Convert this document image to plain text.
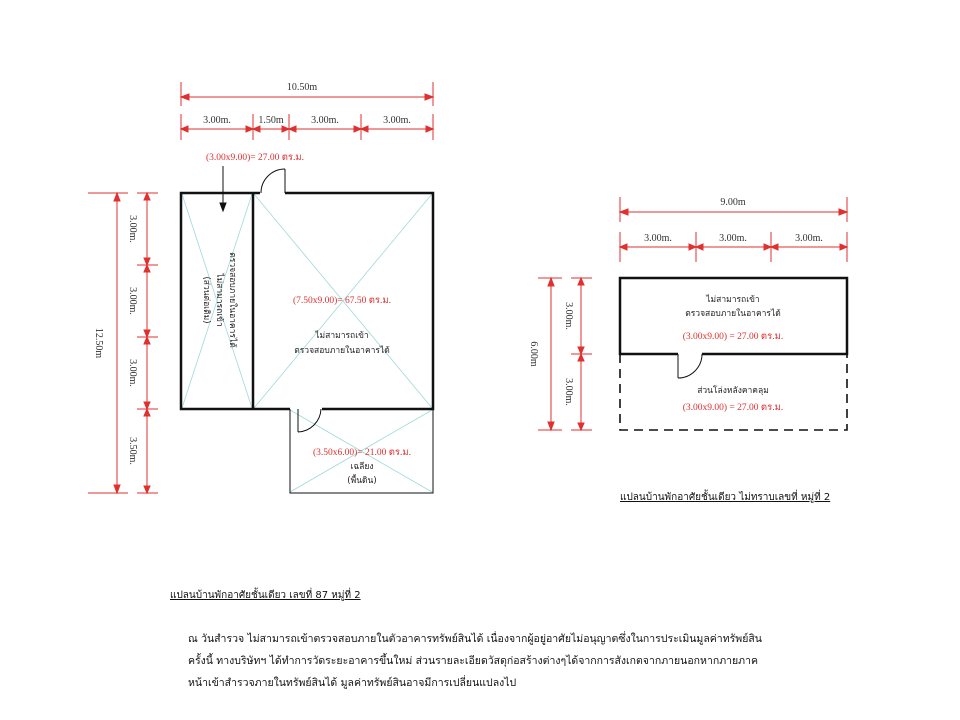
10.50m
3.00m.	1.50m	3.00m.	3.00m.
12.50m
3.00m.
3.00m.
3.00m.
3.50m.
(3.00x9.00)= 27.00 ตร.ม.
(ส่วนต่อเติม) ไม่สามารถเข้า ตรวจสอบภายในอาคารได้	(7.50x9.00)= 67.50 ตร.ม.
ไม่สามารถเข้า
ตรวจสอบภายในอาคารได้
(3.50x6.00)= 21.00 ตร.ม.
เฉลียง
(พื้นดิน)
แปลนบ้านพักอาศัยชั้นเดียว เลขที่ 87 หมู่ที่ 2
9.00m
3.00m.	3.00m.	3.00m.
6.00m
3.00m.
3.00m.
ไม่สามารถเข้า
ตรวจสอบภายในอาคารได้
(3.00x9.00) = 27.00 ตร.ม.
ส่วนโล่งหลังคาคลุม
(3.00x9.00) = 27.00 ตร.ม.
แปลนบ้านพักอาศัยชั้นเดียว ไม่ทราบเลขที่ หมู่ที่ 2
ณ วันสำรวจ ไม่สามารถเข้าตรวจสอบภายในตัวอาคารทรัพย์สินได้ เนื่องจากผู้อยู่อาศัยไม่อนุญาตซึ่งในการประเมินมูลค่าทรัพย์สิน
ครั้งนี้ ทางบริษัทฯ ได้ทำการวัดระยะอาคารขึ้นใหม่ ส่วนรายละเอียดวัสดุก่อสร้างต่างๆได้จากการสังเกตจากภายนอกหากภายภาค
หน้าเข้าสำรวจภายในทรัพย์สินได้ มูลค่าทรัพย์สินอาจมีการเปลี่ยนแปลงไป
